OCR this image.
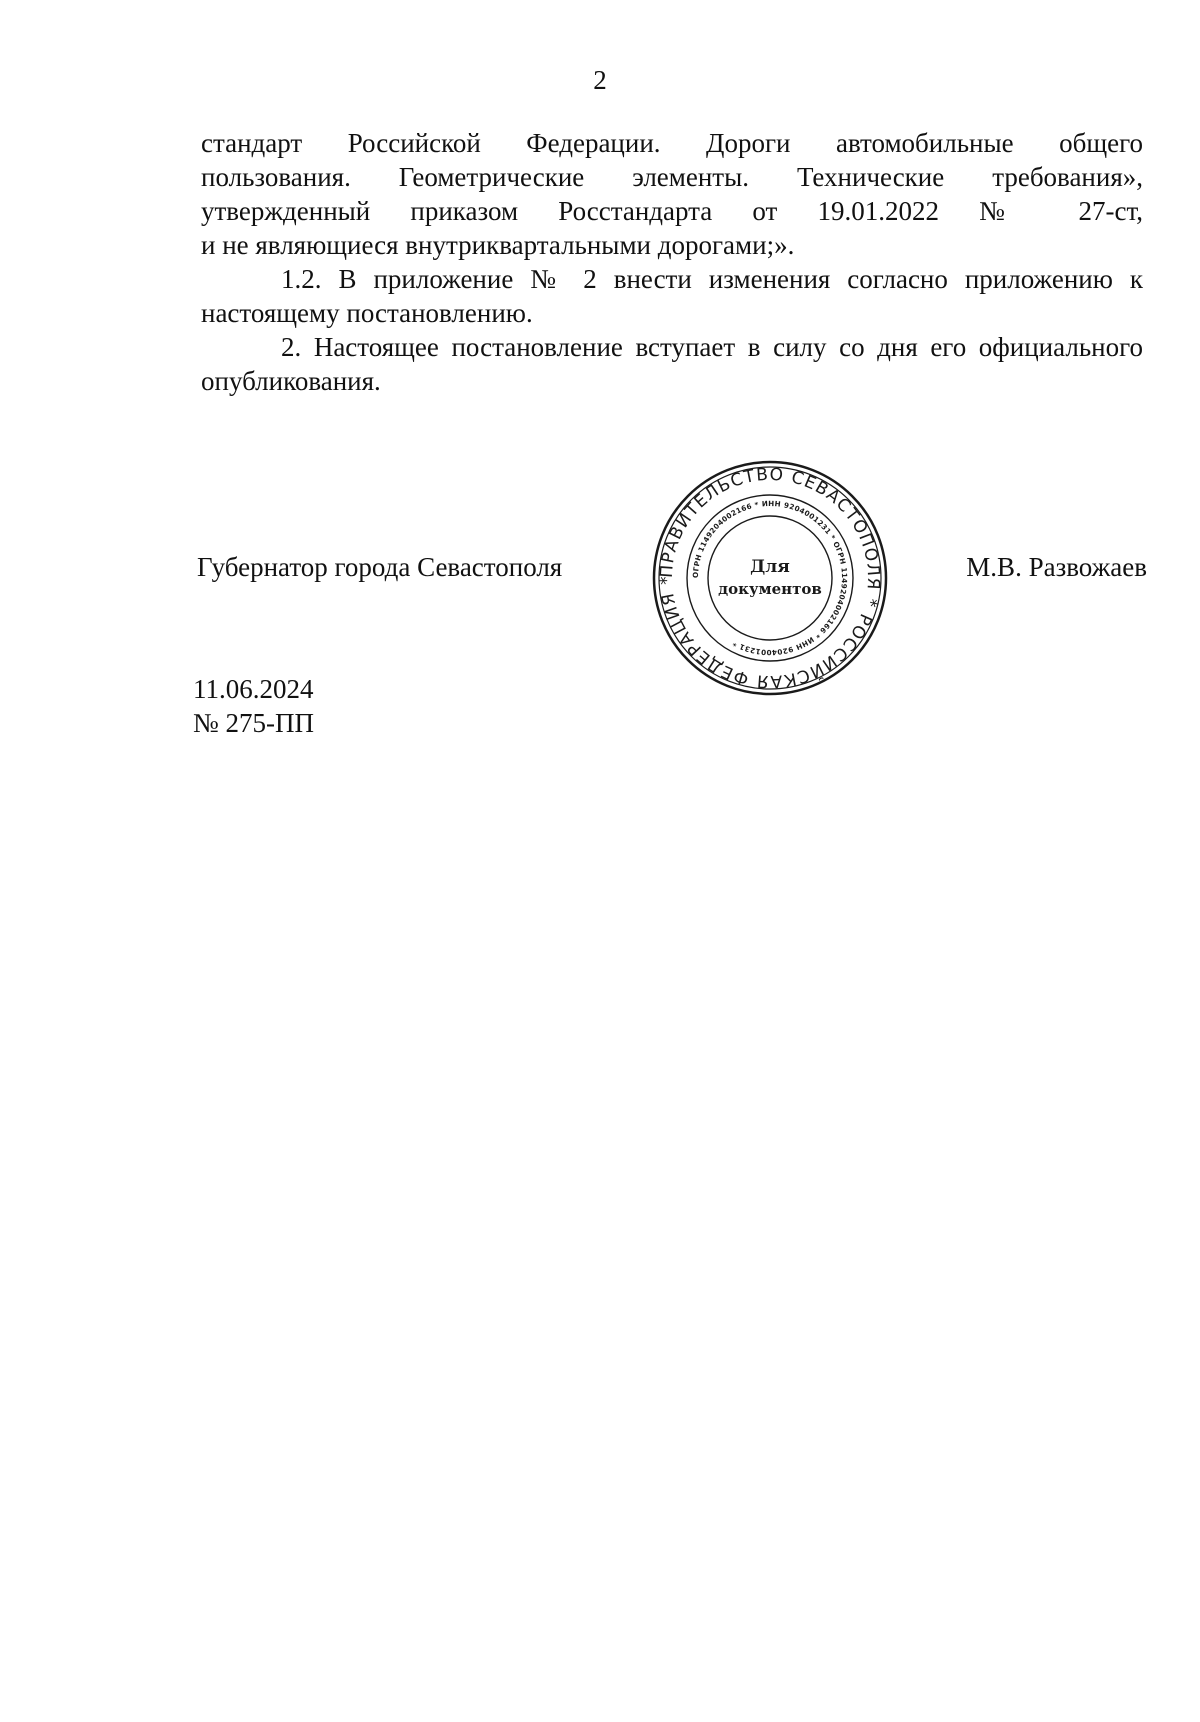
2

стандарт Российской Федерации. Дороги автомобильные общего

пользования. Геометрические элементы. Технические требования»,

утвержденный приказом Росстандарта от 19.01.2022 № 27-ст,

и не являющиеся внутриквартальными дорогами;».

1.2. В приложение № 2 внести изменения согласно приложению к настоящему постановлению.

2. Настоящее постановление вступает в силу со дня его официального опубликования.

Губернатор города Севастополя	М.В. Развожаев
ПРАВИТЕЛЬСТВО СЕВАСТОПОЛЯ * РОССИЙСКАЯ ФЕДЕРАЦИЯ *
ОГРН 1149204002166 * ИНН 9204001231 * ОГРН 1149204002166 * ИНН 9204001231 *
Для
документов
11.06.2024
№ 275-ПП
